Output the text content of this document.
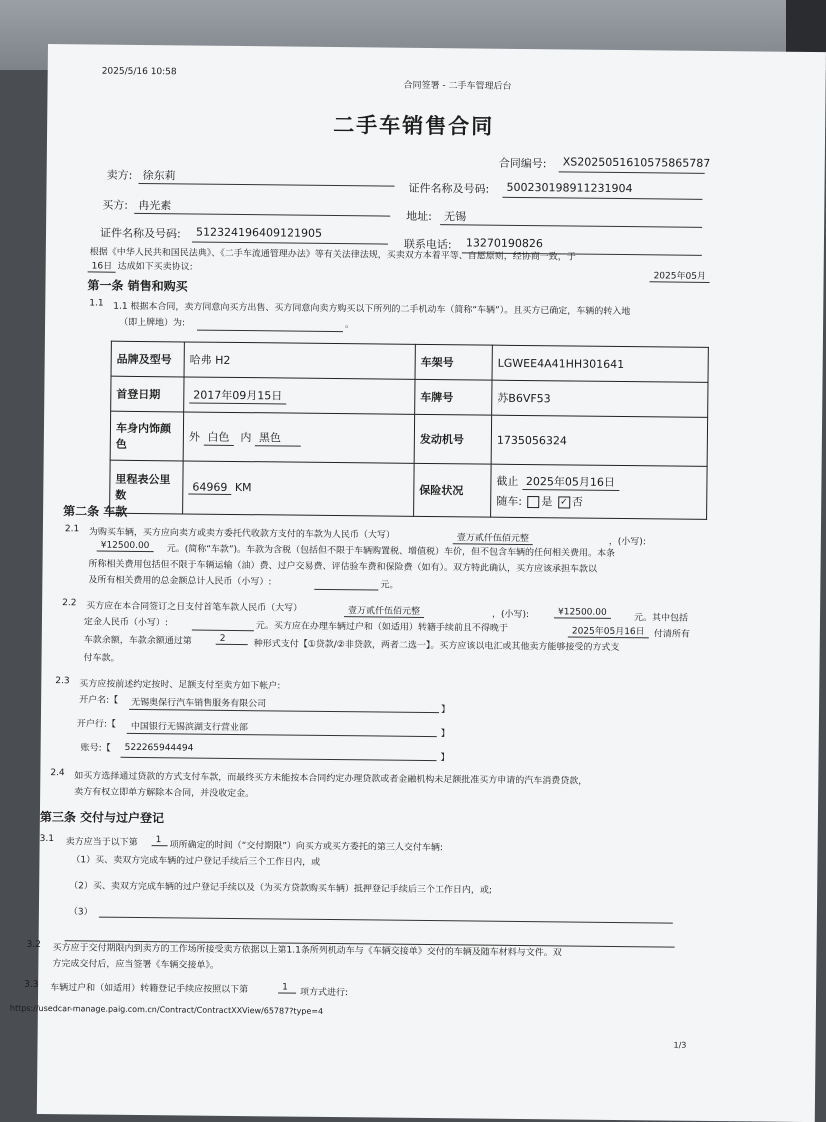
2025/5/16 10:58
合同签署 - 二手车管理后台
二手车销售合同
合同编号: XS2025051610575865787
卖方: 徐东莉
证件名称及号码: 500230198911231904
买方: 冉光素
地址: 无锡
证件名称及号码: 512324196409121905
联系电话: 13270190826
根据《中华人民共和国民法典》、《二手车流通管理办法》等有关法律法规，买卖双方本着平等、自愿原则，经协商一致，于
2025年05月
16日 达成如下买卖协议:
第一条 销售和购买
1.1 1.1 根据本合同，卖方同意向买方出售、买方同意向卖方购买以下所列的二手机动车（简称“车辆”）。且买方已确定，车辆的转入地
（即上牌地）为:	。
品牌及型号	哈弗 H2	车架号	LGWEE4A41HH301641
首登日期	2017年09月15日	车牌号	苏B6VF53
车身内饰颜色	外 白色 内 黑色	发动机号	1735056324
里程表公里数	64969 KM	保险状况	截止 2025年05月16日
随车: 是 ✓ 否
第二条 车款
2.1 为购买车辆，买方应向卖方或卖方委托代收款方支付的车款为人民币（大写）	壹万贰仟伍佰元整	，(小写):
¥12500.00	元。(简称“车款”)。车款为含税（包括但不限于车辆购置税、增值税）车价，但不包含车辆的任何相关费用。本条
所称相关费用包括但不限于车辆运输（油）费、过户交易费、评估验车费和保险费（如有）。双方特此确认，买方应该承担车款以
及所有相关费用的总金额总计人民币（小写）:	元。
2.2 买方应在本合同签订之日支付首笔车款人民币（大写）	壹万贰仟伍佰元整	，(小写):	¥12500.00
元。其中包括
定金人民币（小写）:	元。买方应在办理车辆过户和（如适用）转籍手续前且不得晚于	2025年05月16日	付清所有
车款余额，车款余额通过第	2
种形式支付【①贷款/②非贷款，两者二选一】。买方应该以电汇或其他卖方能够接受的方式支
付车款。
2.3 买方应按前述约定按时、足额支付至卖方如下帐户:
开户名:【 无锡奥保行汽车销售服务有限公司
】
开户行:【 中国银行无锡滨湖支行营业部
】
账号:【 522265944494
】
2.4 如买方选择通过贷款的方式支付车款，而最终买方未能按本合同约定办理贷款或者金融机构未足额批准买方申请的汽车消费贷款，
卖方有权立即单方解除本合同，并没收定金。
第三条 交付与过户登记
3.1 卖方应当于以下第	1
项所确定的时间（“交付期限”）向买方或买方委托的第三人交付车辆:
（1）买、卖双方完成车辆的过户登记手续后三个工作日内，或
（2）买、卖双方完成车辆的过户登记手续以及（为买方贷款购买车辆）抵押登记手续后三个工作日内，或;
（3）
3.2 买方应于交付期限内到卖方的工作场所接受卖方依据以上第1.1条所列机动车与《车辆交接单》交付的车辆及随车材料与文件。双
方完成交付后，应当签署《车辆交接单》。
3.3 车辆过户和（如适用）转籍登记手续应按照以下第	1
项方式进行:
https://usedcar-manage.paig.com.cn/Contract/ContractXXView/65787?type=4
1/3
